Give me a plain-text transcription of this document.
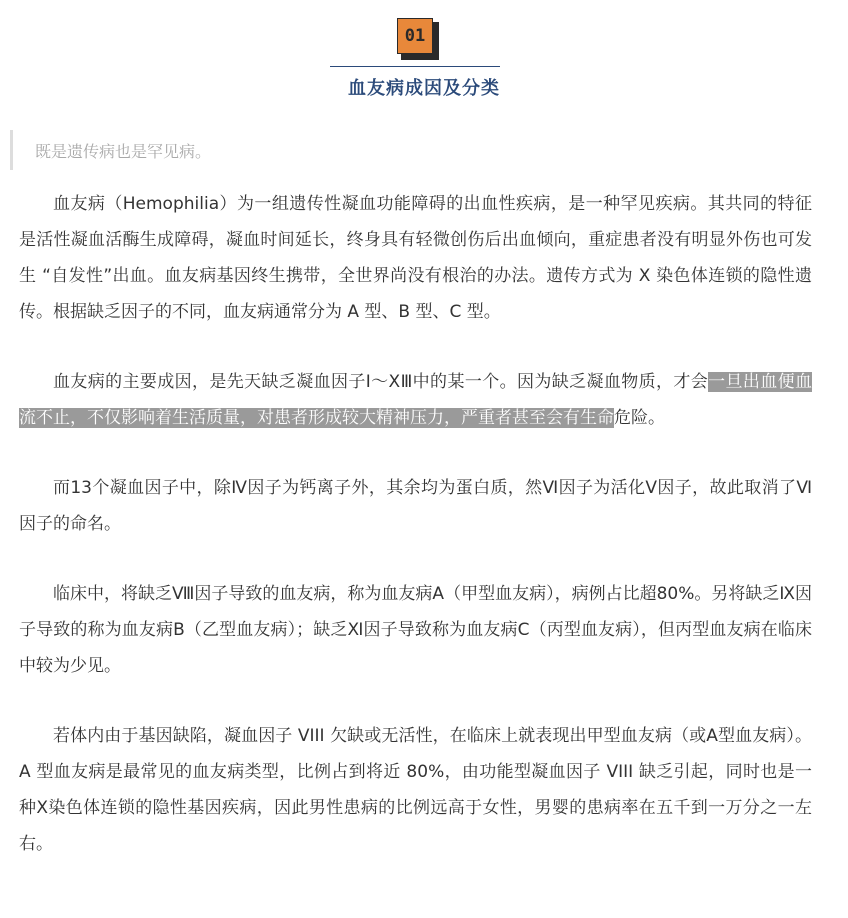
01
血友病成因及分类
既是遗传病也是罕见病。

血友病（Hemophilia）为一组遗传性凝血功能障碍的出血性疾病，是一种罕见疾病。其共同的特征是活性凝血活酶生成障碍，凝血时间延长，终身具有轻微创伤后出血倾向，重症患者没有明显外伤也可发生 “自发性”出血。血友病基因终生携带，全世界尚没有根治的办法。遗传方式为 X 染色体连锁的隐性遗传。根据缺乏因子的不同，血友病通常分为 A 型、B 型、C 型。

血友病的主要成因，是先天缺乏凝血因子Ⅰ～ⅩⅢ中的某一个。因为缺乏凝血物质，才会一旦出血便血流不止，不仅影响着生活质量，对患者形成较大精神压力，严重者甚至会有生命危险。

而13个凝血因子中，除Ⅳ因子为钙离子外，其余均为蛋白质，然Ⅵ因子为活化Ⅴ因子，故此取消了Ⅵ因子的命名。

临床中，将缺乏Ⅷ因子导致的血友病，称为血友病A（甲型血友病），病例占比超80%。另将缺乏Ⅸ因子导致的称为血友病B（乙型血友病）；缺乏Ⅺ因子导致称为血友病C（丙型血友病），但丙型血友病在临床中较为少见。

若体内由于基因缺陷，凝血因子 VIII 欠缺或无活性，在临床上就表现出甲型血友病（或A型血友病）。A 型血友病是最常见的血友病类型，比例占到将近 80%，由功能型凝血因子 VIII 缺乏引起，同时也是一种X染色体连锁的隐性基因疾病，因此男性患病的比例远高于女性，男婴的患病率在五千到一万分之一左右。
